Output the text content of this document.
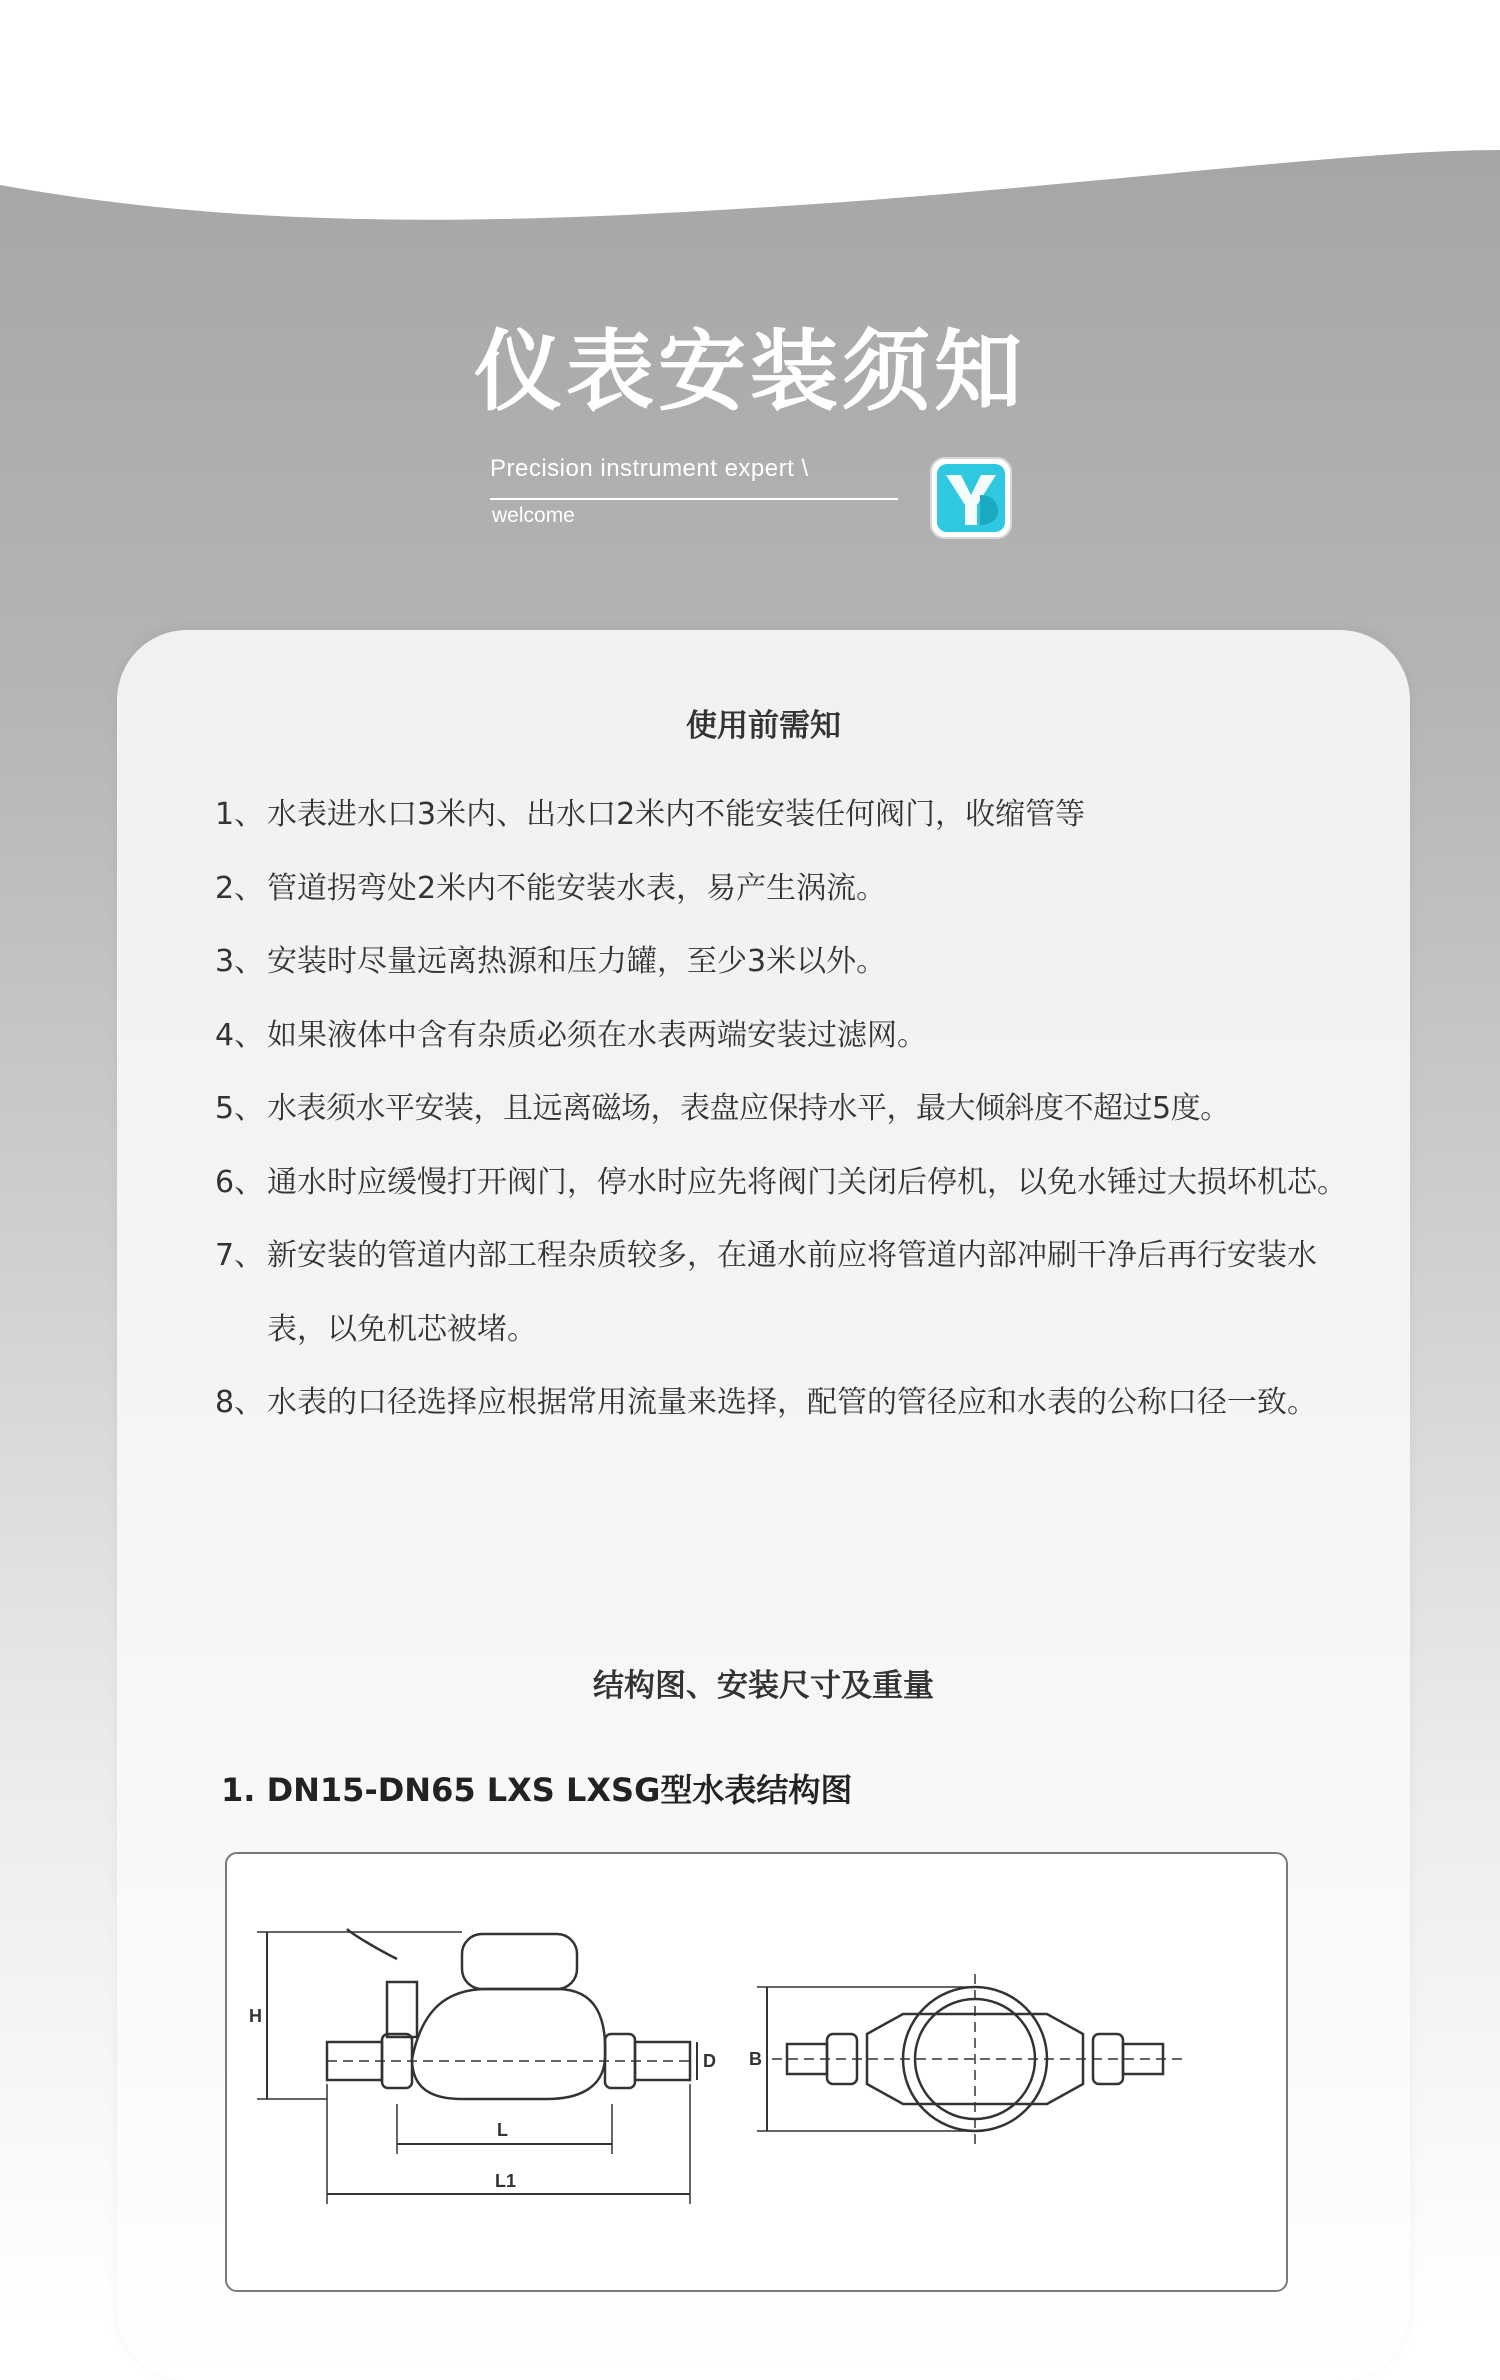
仪表安装须知
Precision instrument expert \
welcome
使用前需知
1、 水表进水口3米内、出水口2米内不能安装任何阀门，收缩管等
2、 管道拐弯处2米内不能安装水表，易产生涡流。
3、 安装时尽量远离热源和压力罐，至少3米以外。
4、 如果液体中含有杂质必须在水表两端安装过滤网。
5、 水表须水平安装，且远离磁场，表盘应保持水平，最大倾斜度不超过5度。
6、 通水时应缓慢打开阀门，停水时应先将阀门关闭后停机，以免水锤过大损坏机芯。
7、 新安装的管道内部工程杂质较多，在通水前应将管道内部冲刷干净后再行安装水表，以免机芯被堵。
8、 水表的口径选择应根据常用流量来选择，配管的管径应和水表的公称口径一致。
结构图、安装尺寸及重量
1. DN15-DN65 LXS LXSG型水表结构图
H
D
L
L1
B
